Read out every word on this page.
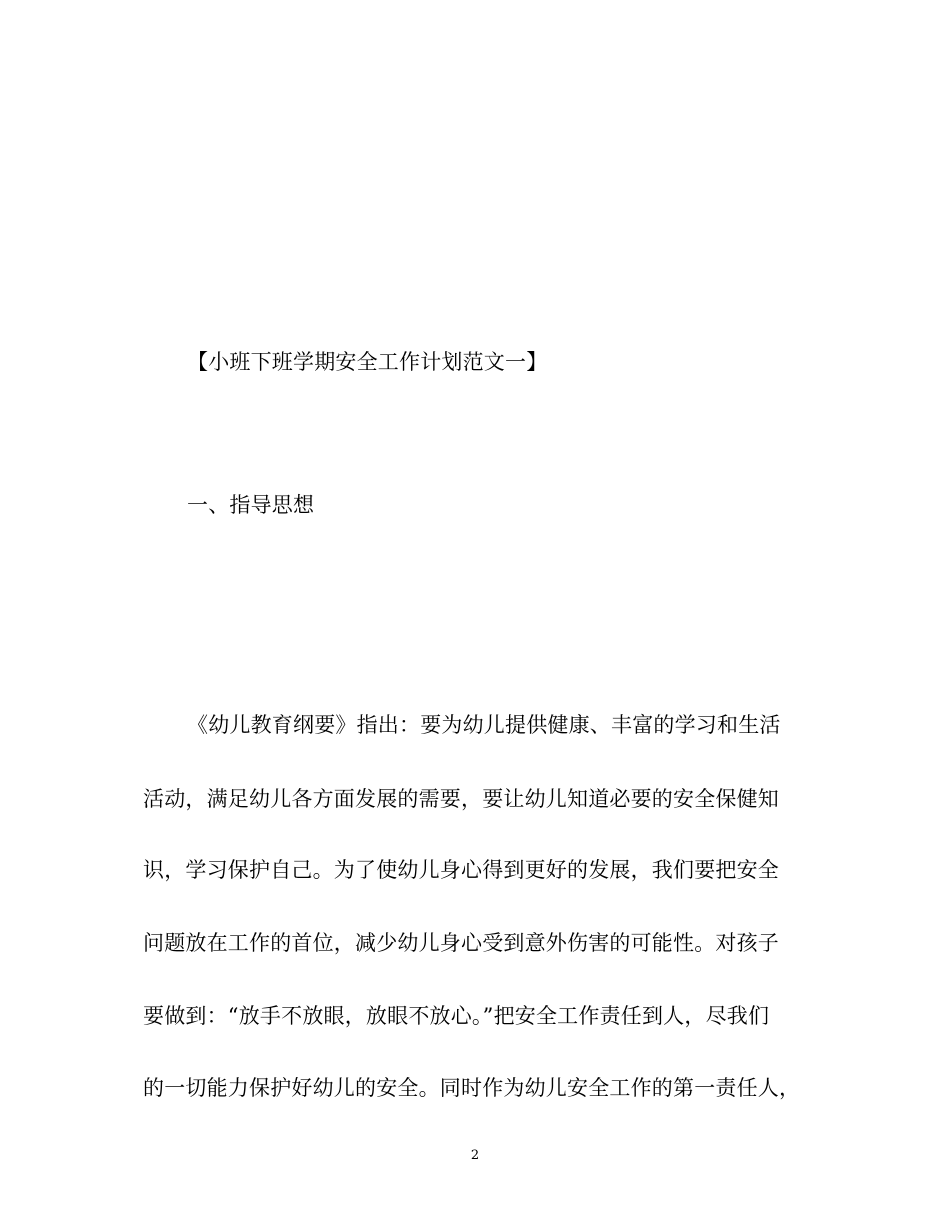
【小班下班学期安全工作计划范文一】
一、指导思想
《幼儿教育纲要》指出：要为幼儿提供健康、丰富的学习和生活
活动，满足幼儿各方面发展的需要，要让幼儿知道必要的安全保健知
识，学习保护自己。为了使幼儿身心得到更好的发展，我们要把安全
问题放在工作的首位，减少幼儿身心受到意外伤害的可能性。对孩子
要做到：“放手不放眼，放眼不放心。”把安全工作责任到人，尽我们
的一切能力保护好幼儿的安全。同时作为幼儿安全工作的第一责任人，
2
